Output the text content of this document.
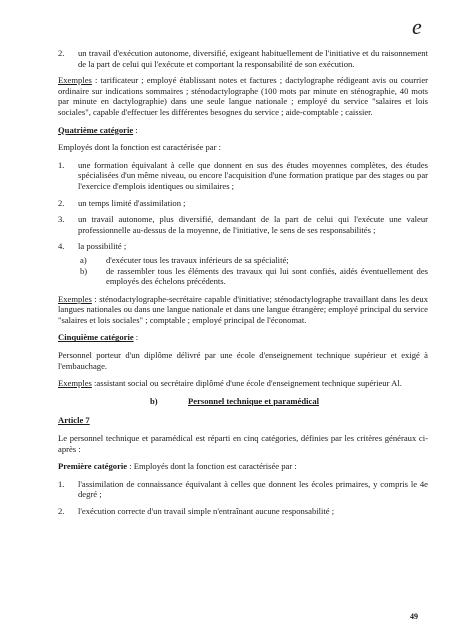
e
2.	un travail d'exécution autonome, diversifié, exigeant habituellement de l'initiative et du raisonnement de la part de celui qui l'exécute et comportant la responsabilité de son exécution.

Exemples : tarificateur ; employé établissant notes et factures ; dactylographe rédigeant avis ou courrier ordinaire sur indications sommaires ; sténodactylographe (100 mots par minute en sténographie, 40 mots par minute en dactylographie) dans une seule langue nationale ; employé du service "salaires et lois sociales", capable d'effectuer les différentes besognes du service ; aide-comptable ; caissier.

Quatrième catégorie :

Employés dont la fonction est caractérisée par :

1.	une formation équivalant à celle que donnent en sus des études moyennes complètes, des études spécialisées d'un même niveau, ou encore l'acquisition d'une formation pratique par des stages ou par l'exercice d'emplois identiques ou similaires ;
2.	un temps limité d'assimilation ;
3.	un travail autonome, plus diversifié, demandant de la part de celui qui l'exécute une valeur professionnelle au-dessus de la moyenne, de l'initiative, le sens de ses responsabilités ;
4.	la possibilité ;
a)	d'exécuter tous les travaux inférieurs de sa spécialité;
b)	de rassembler tous les éléments des travaux qui lui sont confiés, aidés éventuellement des employés des échelons précédents.

Exemples : sténodactylographe-secrétaire capable d'initiative; sténodactylographe travaillant dans les deux langues nationales ou dans une langue nationale et dans une langue étrangère; employé principal du service "salaires et lois sociales" ; comptable ; employé principal de l'économat.

Cinquième catégorie :

Personnel porteur d'un diplôme délivré par une école d'enseignement technique supérieur et exigé à l'embauchage.

Exemples :assistant social ou secrétaire diplômé d'une école d'enseignement technique supérieur Al.

b)	Personnel technique et paramédical

Article 7

Le personnel technique et paramédical est réparti en cinq catégories, définies par les critères généraux ci-après :

Première catégorie : Employés dont la fonction est caractérisée par :

1.	l'assimilation de connaissance équivalant à celles que donnent les écoles primaires, y compris le 4e degré ;
2.	l'exécution correcte d'un travail simple n'entraînant aucune responsabilité ;
49
